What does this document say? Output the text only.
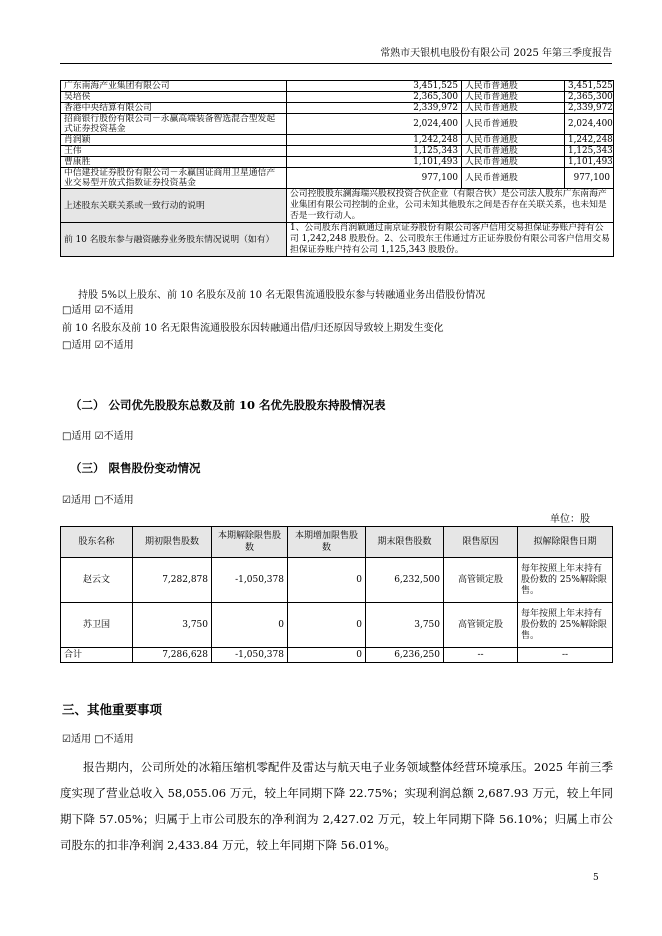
常熟市天银机电股份有限公司 2025 年第三季度报告
广东南海产业集团有限公司	3,451,525	人民币普通股	3,451,525
吴培侯	2,365,300	人民币普通股	2,365,300
香港中央结算有限公司	2,339,972	人民币普通股	2,339,972
招商银行股份有限公司－永赢高端装备智选混合型发起式证券投资基金	2,024,400	人民币普通股	2,024,400
肖润颖	1,242,248	人民币普通股	1,242,248
王伟	1,125,343	人民币普通股	1,125,343
曹康胜	1,101,493	人民币普通股	1,101,493
中信建投证券股份有限公司－永赢国证商用卫星通信产业交易型开放式指数证券投资基金	977,100	人民币普通股	977,100
上述股东关联关系或一致行动的说明	公司控股股东澜海瑞兴股权投资合伙企业（有限合伙）是公司法人股东广东南海产业集团有限公司控制的企业，公司未知其他股东之间是否存在关联关系，也未知是否是一致行动人。		
前 10 名股东参与融资融券业务股东情况说明（如有）	1、公司股东肖润颖通过南京证券股份有限公司客户信用交易担保证券账户持有公司 1,242,248 股股份。2、公司股东王伟通过方正证券股份有限公司客户信用交易担保证券账户持有公司 1,125,343 股股份。		
持股 5%以上股东、前 10 名股东及前 10 名无限售流通股股东参与转融通业务出借股份情况
□适用 ☑不适用
前 10 名股东及前 10 名无限售流通股股东因转融通出借/归还原因导致较上期发生变化
□适用 ☑不适用
（二） 公司优先股股东总数及前 10 名优先股股东持股情况表
□适用 ☑不适用
（三） 限售股份变动情况
☑适用 □不适用
单位：股
股东名称	期初限售股数	本期解除限售股数	本期增加限售股数	期末限售股数	限售原因	拟解除限售日期
赵云文	7,282,878	-1,050,378	0	6,232,500	高管锁定股	每年按照上年末持有股份数的 25%解除限售。
苏卫国	3,750	0	0	3,750	高管锁定股	每年按照上年末持有股份数的 25%解除限售。
合计	7,286,628	-1,050,378	0	6,236,250	--	--
三、其他重要事项
☑适用 □不适用
报告期内，公司所处的冰箱压缩机零配件及雷达与航天电子业务领域整体经营环境承压。2025 年前三季度实现了营业总收入 58,055.06 万元，较上年同期下降 22.75%；实现利润总额 2,687.93 万元，较上年同期下降 57.05%；归属于上市公司股东的净利润为 2,427.02 万元，较上年同期下降 56.10%；归属上市公司股东的扣非净利润 2,433.84 万元，较上年同期下降 56.01%。
5
